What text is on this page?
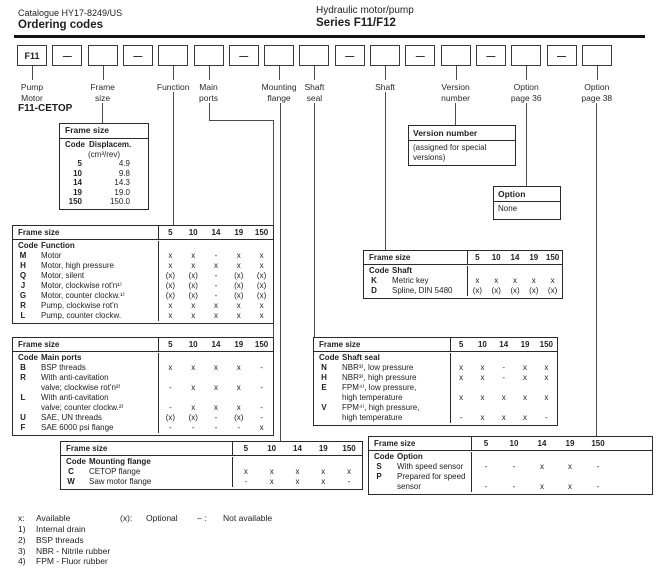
Catalogue HY17-8249/US
Ordering codes
Hydraulic motor/pump
Series F11/F12
F11	—	—	—	—	—	—	—
Pump
Motor
Frame
size
Function Main
ports
Mounting
flange
Shaft
seal
Shaft	Version
number
Option
page 36
Option
page 38
F11-CETOP
Frame size
Code Displacem.
(cm³/rev)
5	4.9
10	9.8
14	14.3
19	19.0
150	150.0
Version number
(assigned for special versions)
Option
None
Frame size	5	10	14	19	150
Code Function
M	Motor	x	x	-	x	x
H	Motor, high pressure	x	x	x	x	x
Q	Motor, silent	(x)	(x)	-	(x)	(x)
J	Motor, clockwise rot'n¹⁾	(x)	(x)	-	(x)	(x)
G	Motor, counter clockw.¹⁾	(x)	(x)	-	(x)	(x)
R	Pump, clockwise rot'n	x	x	x	x	x
L	Pump, counter clockw.	x	x	x	x	x
Frame size	5	10	14	19	150
Code Main ports
B	BSP threads	x	x	x	x	-
R	With anti-cavitation
valve; clockwise rot'n²⁾	-	x	x	x	-
L	With anti-cavitation
valve; counter clockw.²⁾	-	x	x	x	-
U	SAE, UN threads	(x)	(x)	-	(x)	-
F	SAE 6000 psi flange	-	-	-	-	x
Frame size	5	10	14	19	150
Code Shaft seal
N	NBR³⁾, low pressure	x	x	-	x	x
H	NBR³⁾, high pressure	x	x	-	x	x
E	FPM⁴⁾, low pressure,
high temperature	x	x	x	x	x
V	FPM⁴⁾, high pressure,
high temperature	-	x	x	x	-
Frame size	5	10	14	19 150
Code Shaft
K	Metric key	x	x	x	x	x
D	Spline, DIN 5480	(x)	(x)	(x)	(x)	(x)
Frame size	5	10	14	19	150
Code Mounting flange
C	CETOP flange	x	x	x	x	x
W	Saw motor flange	-	x	x	x	-
Frame size	5	10	14	19	150
Code Option
S	With speed sensor	-	-	x	x	-
P	Prepared for speed
sensor	-	-	x	x	-
x:	Available	(x):	Optional – :	Not available
1) Internal drain
2) BSP threads
3) NBR - Nitrile rubber
4) FPM - Fluor rubber
